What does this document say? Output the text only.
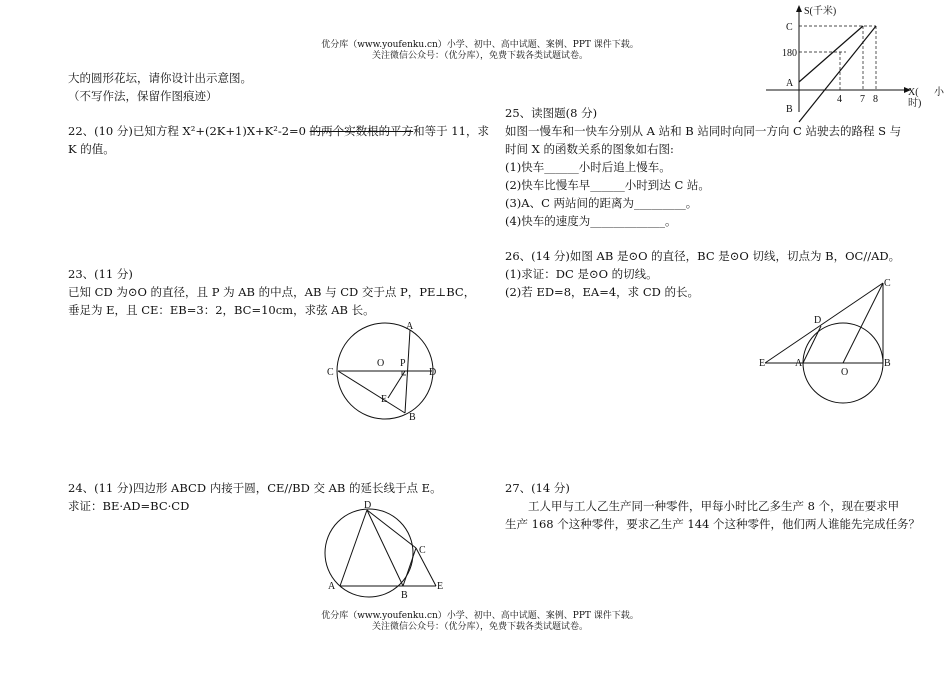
优分库（www.youfenku.cn）小学、初中、高中试题、案例、PPT 课件下载。
关注微信公众号：（优分库），免费下载各类试题试卷。
大的圆形花坛，请你设计出示意图。
（不写作法，保留作图痕迹）
22、(10 分)已知方程 X²+(2K+1)X+K²-2=0 的两个实数根的平方和等于 11，求
K 的值。
23、(11 分)
已知 CD 为⊙O 的直径，且 P 为 AB 的中点，AB 与 CD 交于点 P，PE⊥BC，
垂足为 E，且 CE：EB=3：2，BC=10cm，求弦 AB 长。
A
O P
C	D
E
B
24、(11 分)四边形 ABCD 内接于圆，CE//BD 交 AB 的延长线于点 E。
求证：BE·AD=BC·CD	D
C
A
B
E
25、读图题(8 分)
如图一慢车和一快车分别从 A 站和 B 站同时向同一方向 C 站驶去的路程 S 与
时间 X 的函数关系的图象如右图:
(1)快车______小时后追上慢车。
(2)快车比慢车早______小时到达 C 站。
(3)A、C 两站间的距离为_________。
(4)快车的速度为_____________。
S(千米)
X(
时)
小
C
180
A
B
4 7 8
26、(14 分)如图 AB 是⊙O 的直径，BC 是⊙O 切线，切点为 B，OC//AD。
(1)求证：DC 是⊙O 的切线。
(2)若 ED=8，EA=4，求 CD 的长。
C
D
E	A
O
B
27、(14 分)
工人甲与工人乙生产同一种零件，甲每小时比乙多生产 8 个，现在要求甲
生产 168 个这种零件，要求乙生产 144 个这种零件，他们两人谁能先完成任务？
优分库（www.youfenku.cn）小学、初中、高中试题、案例、PPT 课件下载。
关注微信公众号：（优分库），免费下载各类试题试卷。
